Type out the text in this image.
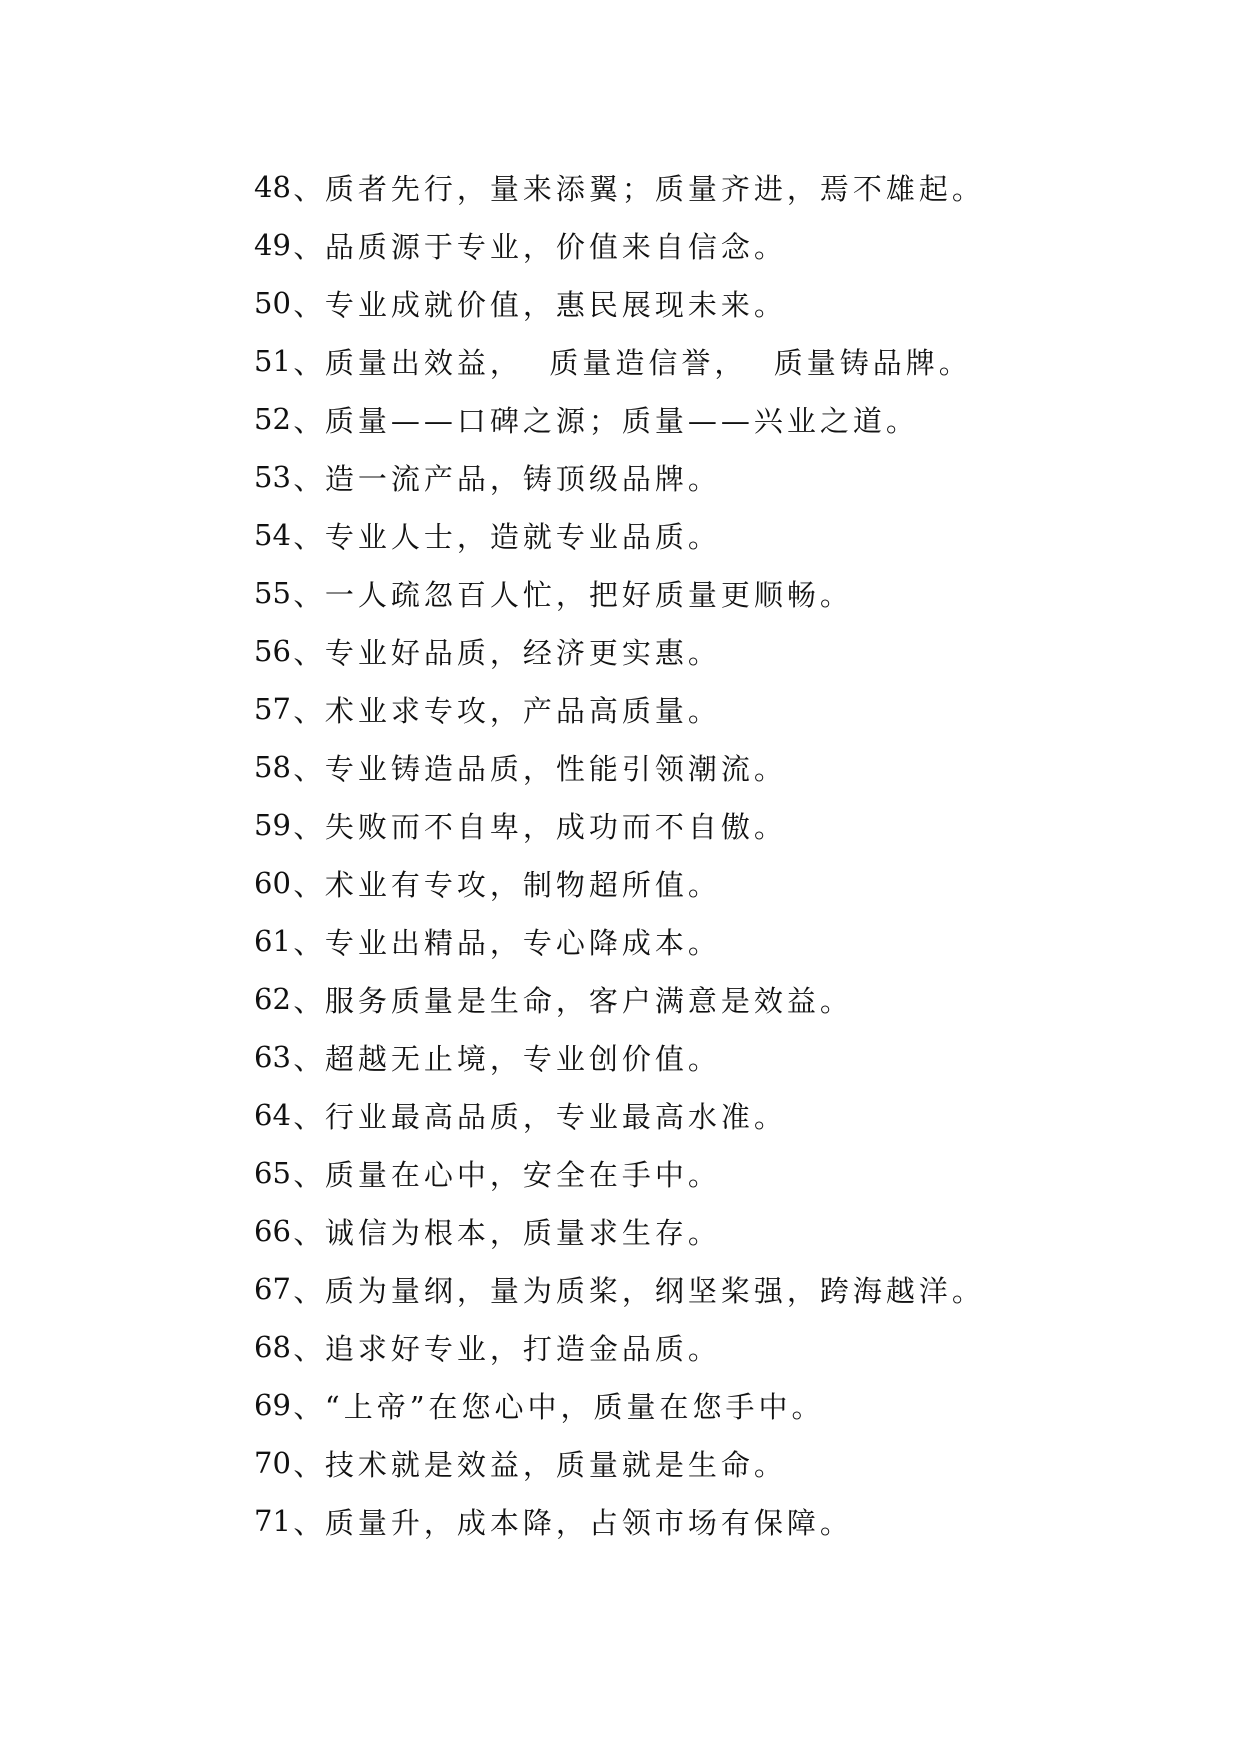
48 、 质者先行，量来添翼；质量齐进，焉不雄起。
49 、 品质源于专业，价值来自信念。
50 、 专业成就价值，惠民展现未来。
51 、 质量出效益，  质量造信誉，  质量铸品牌。
52 、 质量——口碑之源；质量——兴业之道。
53 、 造一流产品，铸顶级品牌。
54 、 专业人士，造就专业品质。
55 、 一人疏忽百人忙，把好质量更顺畅。
56 、 专业好品质，经济更实惠。
57 、 术业求专攻，产品高质量。
58 、 专业铸造品质，性能引领潮流。
59 、 失败而不自卑，成功而不自傲。
60 、 术业有专攻，制物超所值。
61 、 专业出精品，专心降成本。
62 、 服务质量是生命，客户满意是效益。
63 、 超越无止境，专业创价值。
64 、 行业最高品质，专业最高水准。
65 、 质量在心中，安全在手中。
66 、 诚信为根本，质量求生存。
67 、 质为量纲，量为质桨，纲坚桨强，跨海越洋。
68 、 追求好专业，打造金品质。
69 、 “上帝”在您心中，质量在您手中。
70 、 技术就是效益，质量就是生命。
71 、 质量升，成本降，占领市场有保障。
